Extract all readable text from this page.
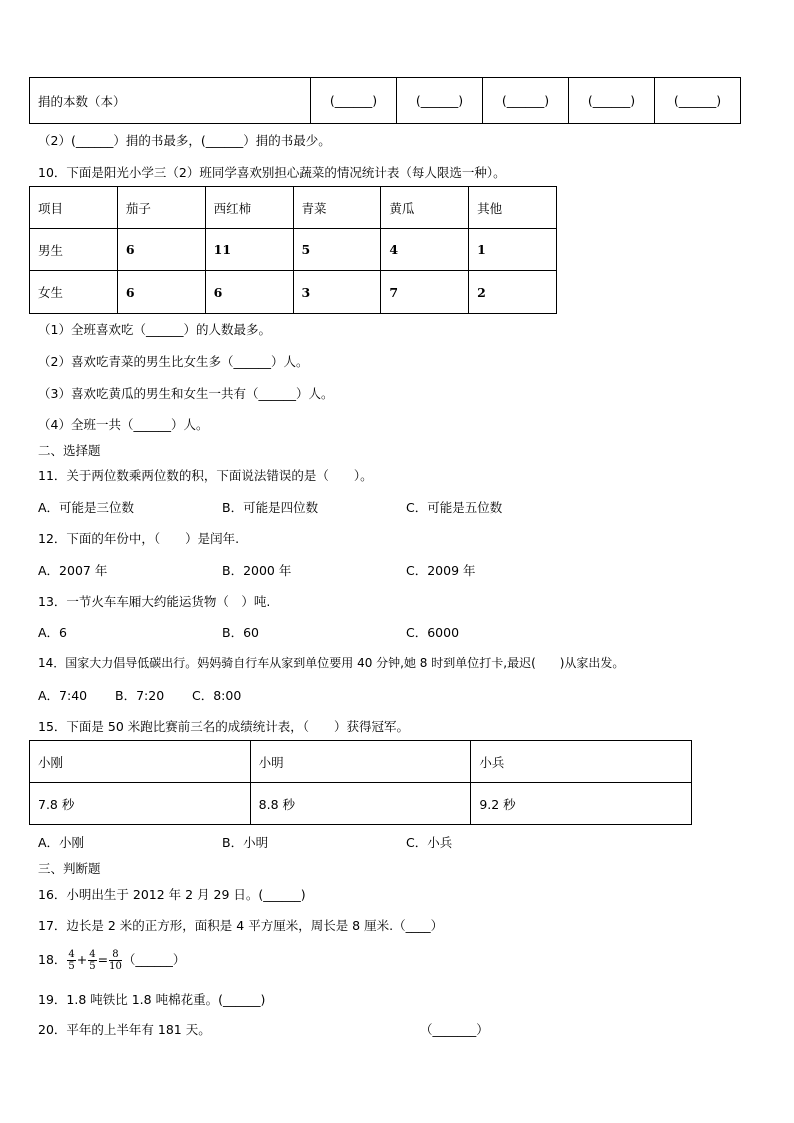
捐的本数（本）	(______)	(______)	(______)	(______)	(______)
（2）(______）捐的书最多，(______）捐的书最少。
10．下面是阳光小学三（2）班同学喜欢别担心蔬菜的情况统计表（每人限选一种）。
项目	茄子	西红柿	青菜	黄瓜	其他
男生	6	11	5	4	1
女生	6	6	3	7	2
（1）全班喜欢吃（______）的人数最多。
（2）喜欢吃青菜的男生比女生多（______）人。
（3）喜欢吃黄瓜的男生和女生一共有（______）人。
（4）全班一共（______）人。
二、选择题
11．关于两位数乘两位数的积，下面说法错误的是（　　）。
A．可能是三位数	B．可能是四位数	C．可能是五位数
12．下面的年份中，（　　）是闰年.
A．2007 年	B．2000 年	C．2009 年
13．一节火车车厢大约能运货物（　）吨.
A．6	B．60	C．6000
14．国家大力倡导低碳出行。妈妈骑自行车从家到单位要用 40 分钟,她 8 时到单位打卡,最迟(　　)从家出发。
A．7:40 B．7:20 C．8:00
15．下面是 50 米跑比赛前三名的成绩统计表，（　　）获得冠军。
小刚	小明	小兵
7.8 秒	8.8 秒	9.2 秒
A．小刚	B．小明	C．小兵
三、判断题
16．小明出生于 2012 年 2 月 29 日。(______)
17．边长是 2 米的正方形，面积是 4 平方厘米，周长是 8 厘米.（____）
18． $\frac{4}{5} + \frac{4}{5} = \frac{8}{10}$ （______）
19．1.8 吨铁比 1.8 吨棉花重。(______)
20．平年的上半年有 181 天。	（_______）
